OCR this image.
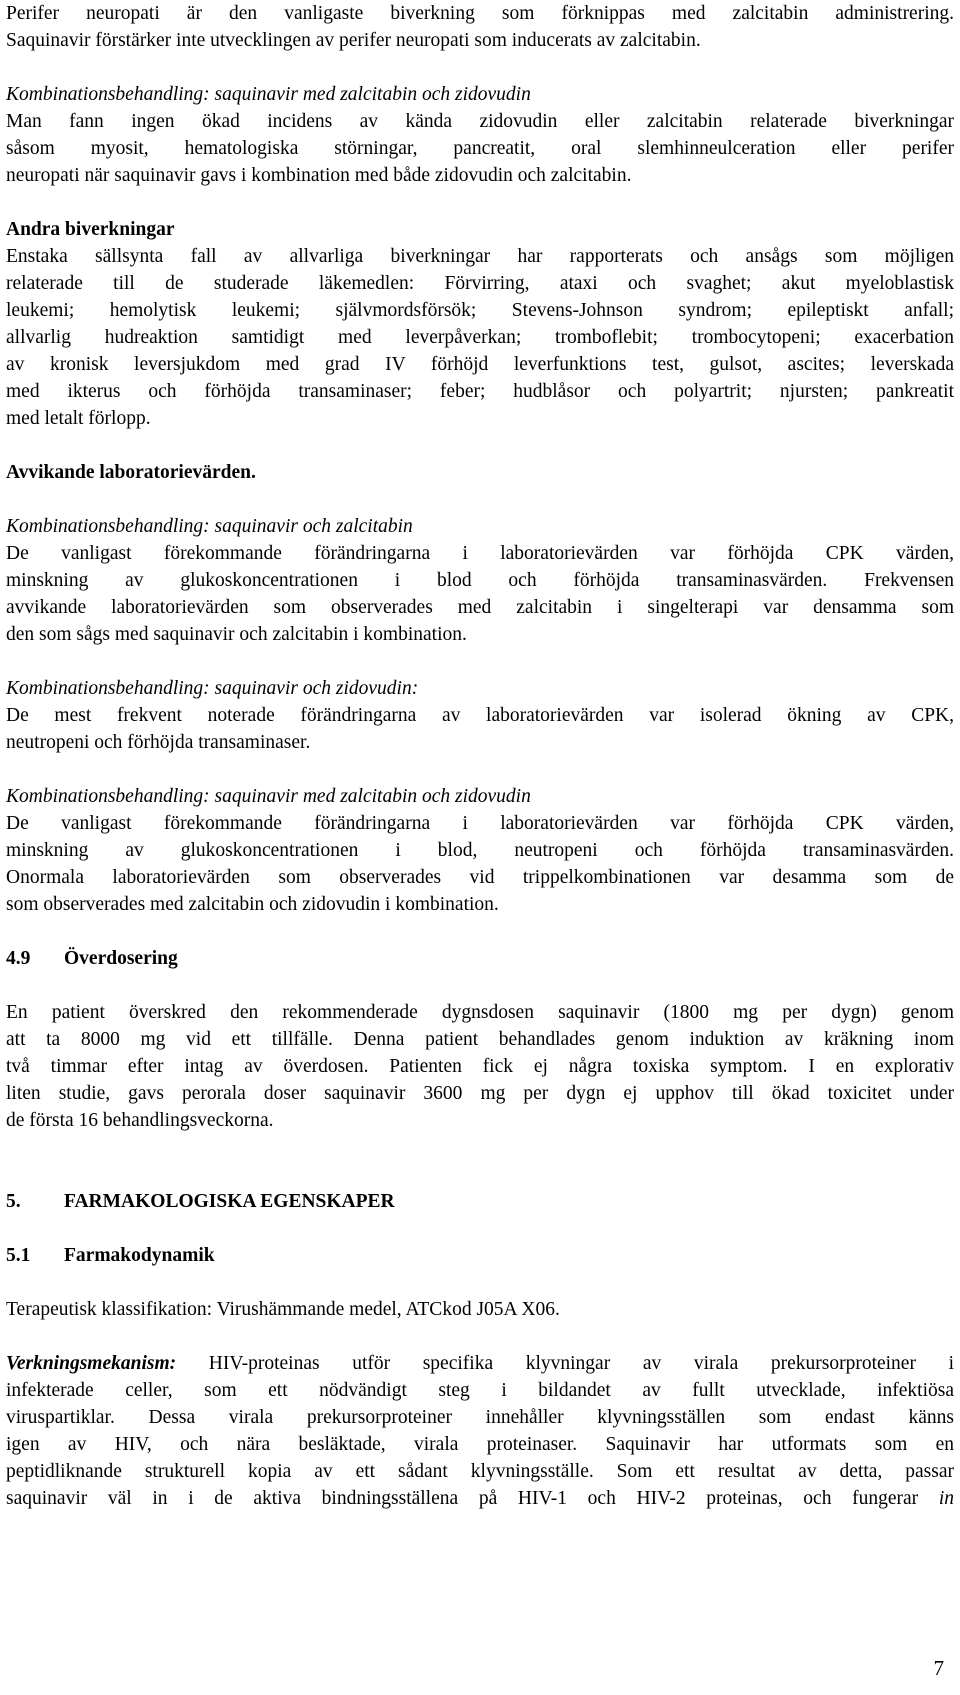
Perifer neuropati är den vanligaste biverkning som förknippas med zalcitabin administrering.

Saquinavir förstärker inte utvecklingen av perifer neuropati som inducerats av zalcitabin.

Kombinationsbehandling: saquinavir med zalcitabin och zidovudin

Man fann ingen ökad incidens av kända zidovudin eller zalcitabin relaterade biverkningar

såsom myosit, hematologiska störningar, pancreatit, oral slemhinneulceration eller perifer

neuropati när saquinavir gavs i kombination med både zidovudin och zalcitabin.

Andra biverkningar

Enstaka sällsynta fall av allvarliga biverkningar har rapporterats och ansågs som möjligen

relaterade till de studerade läkemedlen: Förvirring, ataxi och svaghet; akut myeloblastisk

leukemi; hemolytisk leukemi; självmordsförsök; Stevens-Johnson syndrom; epileptiskt anfall;

allvarlig hudreaktion samtidigt med leverpåverkan; tromboflebit; trombocytopeni; exacerbation

av kronisk leversjukdom med grad IV förhöjd leverfunktions test, gulsot, ascites; leverskada

med ikterus och förhöjda transaminaser; feber; hudblåsor och polyartrit; njursten; pankreatit

med letalt förlopp.

Avvikande laboratorievärden.

Kombinationsbehandling: saquinavir och zalcitabin

De vanligast förekommande förändringarna i laboratorievärden var förhöjda CPK värden,

minskning av glukoskoncentrationen i blod och förhöjda transaminasvärden. Frekvensen

avvikande laboratorievärden som observerades med zalcitabin i singelterapi var densamma som

den som sågs med saquinavir och zalcitabin i kombination.

Kombinationsbehandling: saquinavir och zidovudin:

De mest frekvent noterade förändringarna av laboratorievärden var isolerad ökning av CPK,

neutropeni och förhöjda transaminaser.

Kombinationsbehandling: saquinavir med zalcitabin och zidovudin

De vanligast förekommande förändringarna i laboratorievärden var förhöjda CPK värden,

minskning av glukoskoncentrationen i blod, neutropeni och förhöjda transaminasvärden.

Onormala laboratorievärden som observerades vid trippelkombinationen var desamma som de

som observerades med zalcitabin och zidovudin i kombination.

4.9	Överdosering

En patient överskred den rekommenderade dygnsdosen saquinavir (1800 mg per dygn) genom

att ta 8000 mg vid ett tillfälle. Denna patient behandlades genom induktion av kräkning inom

två timmar efter intag av överdosen. Patienten fick ej några toxiska symptom. I en explorativ

liten studie, gavs perorala doser saquinavir 3600 mg per dygn ej upphov till ökad toxicitet under

de första 16 behandlingsveckorna.

5.	FARMAKOLOGISKA EGENSKAPER
5.1	Farmakodynamik

Terapeutisk klassifikation: Virushämmande medel, ATCkod J05A X06.

Verkningsmekanism: HIV-proteinas utför specifika klyvningar av virala prekursorproteiner i

infekterade celler, som ett nödvändigt steg i bildandet av fullt utvecklade, infektiösa

viruspartiklar. Dessa virala prekursorproteiner innehåller klyvningsställen som endast känns

igen av HIV, och nära besläktade, virala proteinaser. Saquinavir har utformats som en

peptidliknande strukturell kopia av ett sådant klyvningsställe. Som ett resultat av detta, passar

saquinavir väl in i de aktiva bindningsställena på HIV-1 och HIV-2 proteinas, och fungerar in

7
